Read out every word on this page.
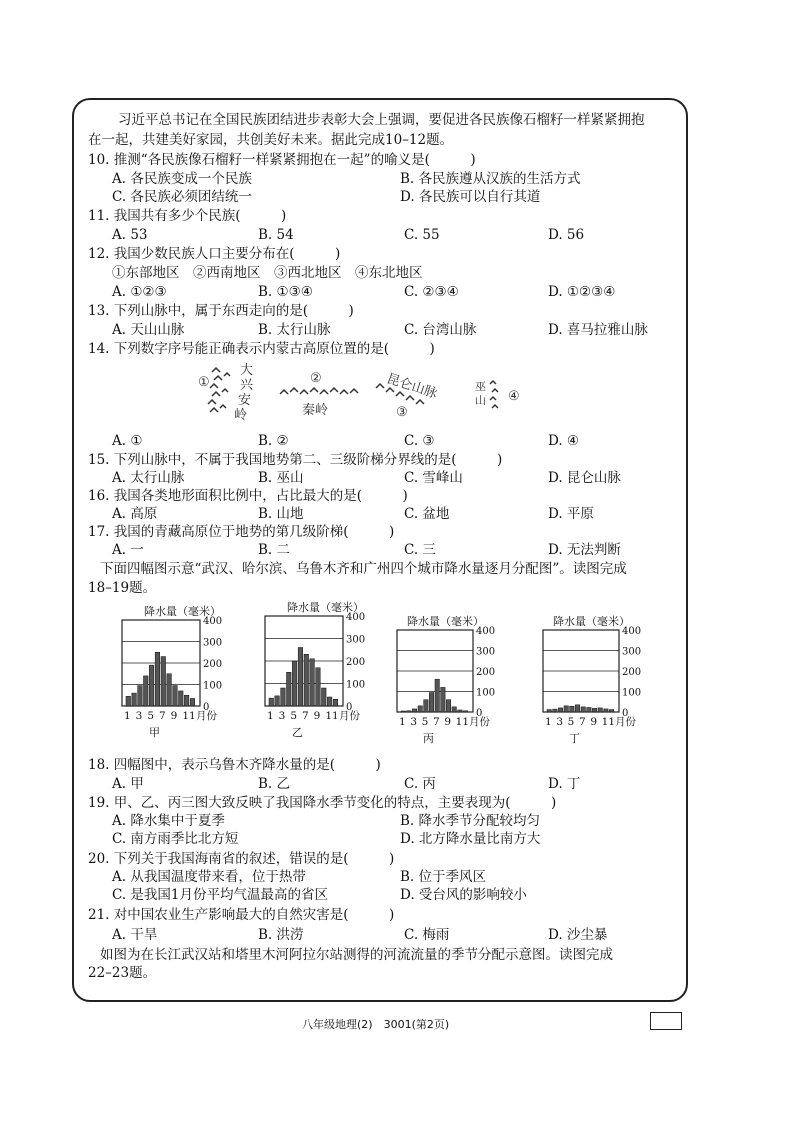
习近平总书记在全国民族团结进步表彰大会上强调，要促进各民族像石榴籽一样紧紧拥抱
在一起，共建美好家园，共创美好未来。据此完成10–12题。
10. 推测“各民族像石榴籽一样紧紧拥抱在一起”的喻义是(　　　)
A. 各民族变成一个民族	B. 各民族遵从汉族的生活方式
C. 各民族必须团结统一	D. 各民族可以自行其道
11. 我国共有多少个民族(　　　)
A. 53	B. 54	C. 55	D. 56
12. 我国少数民族人口主要分布在(　　　)
①东部地区　②西南地区　③西北地区　④东北地区
A. ①②③	B. ①③④	C. ②③④	D. ①②③④
13. 下列山脉中，属于东西走向的是(　　　)
A. 天山山脉	B. 太行山脉	C. 台湾山脉	D. 喜马拉雅山脉
14. 下列数字序号能正确表示内蒙古高原位置的是(　　　)
①
大
兴
安
岭
②
秦岭
昆仑山脉
③
巫
山 ④
A. ①	B. ②	C. ③	D. ④
15. 下列山脉中，不属于我国地势第二、三级阶梯分界线的是(　　　)
A. 太行山脉	B. 巫山	C. 雪峰山	D. 昆仑山脉
16. 我国各类地形面积比例中，占比最大的是(　　　)
A. 高原	B. 山地	C. 盆地	D. 平原
17. 我国的青藏高原位于地势的第几级阶梯(　　　)
A. 一	B. 二	C. 三	D. 无法判断
下面四幅图示意“武汉、哈尔滨、乌鲁木齐和广州四个城市降水量逐月分配图”。读图完成
18–19题。
降水量（毫米）
400
300
200
100
0
1 3 5 7 9 11 月份
甲
降水量（毫米）
400
300
200
100
0
1 3 5 7 9 11 月份
乙
降水量（毫米）
400
300
200
100
0
1 3 5 7 9 11 月份
丙
降水量（毫米）
400
300
200
100
0
1 3 5 7 9 11 月份
丁
18. 四幅图中，表示乌鲁木齐降水量的是(　　　)
A. 甲	B. 乙	C. 丙	D. 丁
19. 甲、乙、丙三图大致反映了我国降水季节变化的特点，主要表现为(　　　)
A. 降水集中于夏季	B. 降水季节分配较均匀
C. 南方雨季比北方短	D. 北方降水量比南方大
20. 下列关于我国海南省的叙述，错误的是(　　　)
A. 从我国温度带来看，位于热带	B. 位于季风区
C. 是我国1月份平均气温最高的省区	D. 受台风的影响较小
21. 对中国农业生产影响最大的自然灾害是(　　　)
A. 干旱	B. 洪涝	C. 梅雨	D. 沙尘暴
如图为在长江武汉站和塔里木河阿拉尔站测得的河流流量的季节分配示意图。读图完成
22–23题。
八年级地理(2)　3001(第2页)
